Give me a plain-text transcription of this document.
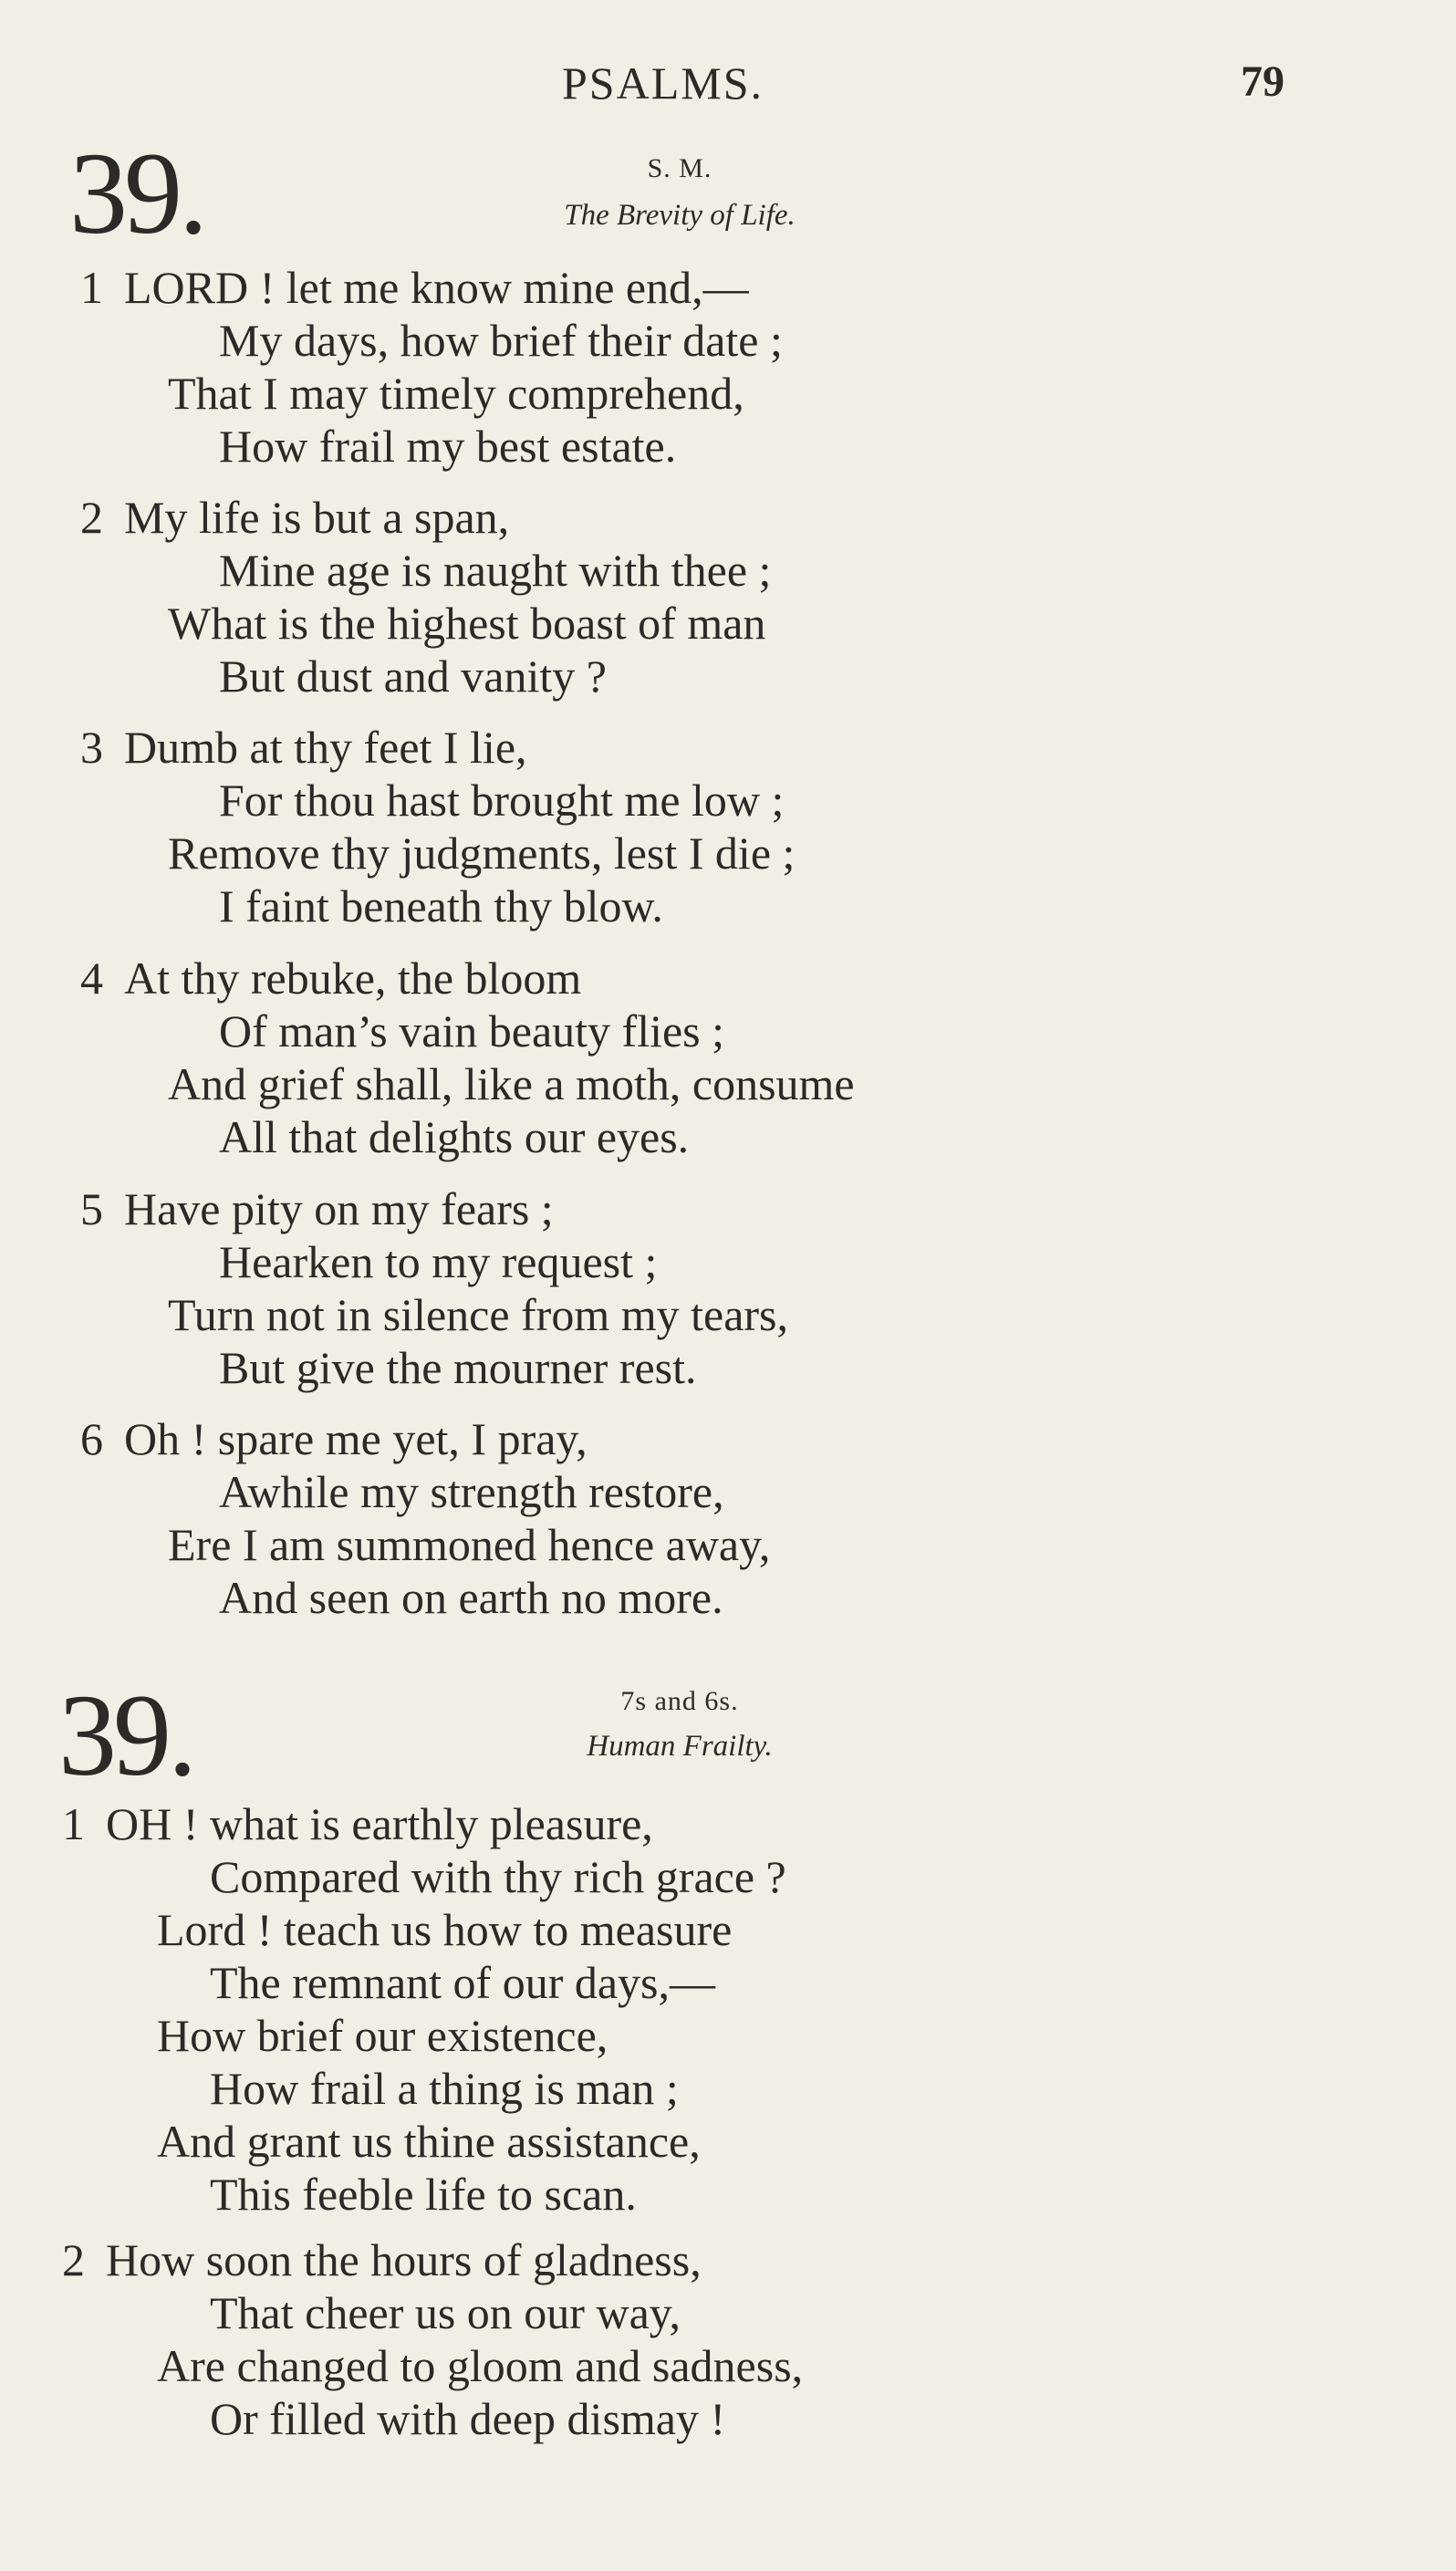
PSALMS.	79
39.	S. M.
The Brevity of Life.
1 LORD ! let me know mine end,—
My days, how brief their date ;
That I may timely comprehend,
How frail my best estate.
2 My life is but a span,
Mine age is naught with thee ;
What is the highest boast of man
But dust and vanity ?
3 Dumb at thy feet I lie,
For thou hast brought me low ;
Remove thy judgments, lest I die ;
I faint beneath thy blow.
4 At thy rebuke, the bloom
Of man’s vain beauty flies ;
And grief shall, like a moth, consume
All that delights our eyes.
5 Have pity on my fears ;
Hearken to my request ;
Turn not in silence from my tears,
But give the mourner rest.
6 Oh ! spare me yet, I pray,
Awhile my strength restore,
Ere I am summoned hence away,
And seen on earth no more.
39.	7s and 6s.
Human Frailty.
1 OH ! what is earthly pleasure,
Compared with thy rich grace ?
Lord ! teach us how to measure
The remnant of our days,—
How brief our existence,
How frail a thing is man ;
And grant us thine assistance,
This feeble life to scan.
2 How soon the hours of gladness,
That cheer us on our way,
Are changed to gloom and sadness,
Or filled with deep dismay !
